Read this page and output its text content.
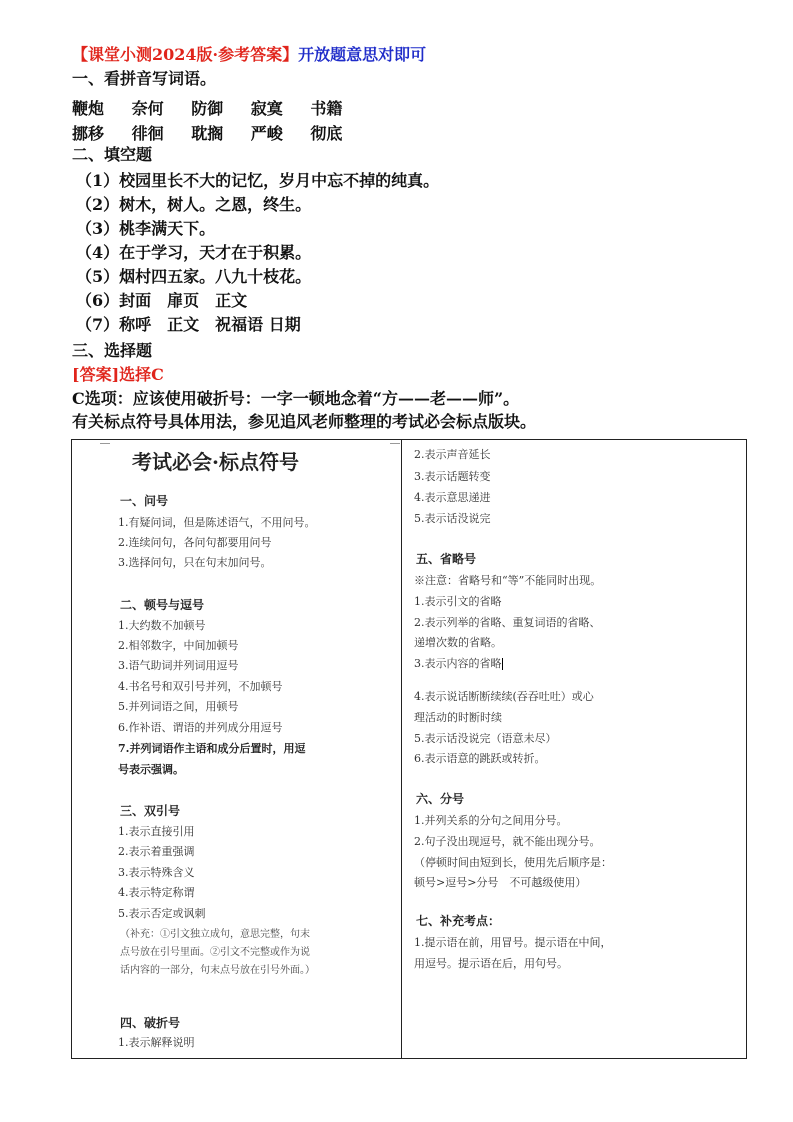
【课堂小测2024版·参考答案】开放题意思对即可
一、看拼音写词语。
鞭炮 奈何 防御 寂寞 书籍
挪移 徘徊 耽搁 严峻 彻底
二、填空题
（1）校园里长不大的记忆，岁月中忘不掉的纯真。
（2）树木，树人。之恩，终生。
（3）桃李满天下。
（4）在于学习，天才在于积累。
（5）烟村四五家。八九十枝花。
（6）封面　扉页　正文
（7）称呼　正文　祝福语 日期
三、选择题
[答案]选择C
C选项：应该使用破折号：一字一顿地念着“方——老——师”。
有关标点符号具体用法，参见追风老师整理的考试必会标点版块。
考试必会·标点符号
一、问号
1.有疑问词，但是陈述语气，不用问号。
2.连续问句，各问句都要用问号
3.选择问句，只在句末加问号。
二、顿号与逗号
1.大约数不加顿号
2.相邻数字，中间加顿号
3.语气助词并列词用逗号
4.书名号和双引号并列，不加顿号
5.并列词语之间，用顿号
6.作补语、谓语的并列成分用逗号
7.并列词语作主语和成分后置时，用逗
号表示强调。
三、双引号
1.表示直接引用
2.表示着重强调
3.表示特殊含义
4.表示特定称谓
5.表示否定或讽刺
（补充：①引文独立成句，意思完整，句末
点号放在引号里面。②引文不完整或作为说
话内容的一部分，句末点号放在引号外面。）
四、破折号
1.表示解释说明
2.表示声音延长
3.表示话题转变
4.表示意思递进
5.表示话没说完
五、省略号
※注意：省略号和“等”不能同时出现。
1.表示引文的省略
2.表示列举的省略、重复词语的省略、
递增次数的省略。
3.表示内容的省略
4.表示说话断断续续(吞吞吐吐）或心
理活动的时断时续
5.表示话没说完（语意未尽）
6.表示语意的跳跃或转折。
六、分号
1.并列关系的分句之间用分号。
2.句子没出现逗号，就不能出现分号。
（停顿时间由短到长，使用先后顺序是：
顿号>逗号>分号　不可越级使用）
七、补充考点：
1.提示语在前，用冒号。提示语在中间，
用逗号。提示语在后，用句号。
